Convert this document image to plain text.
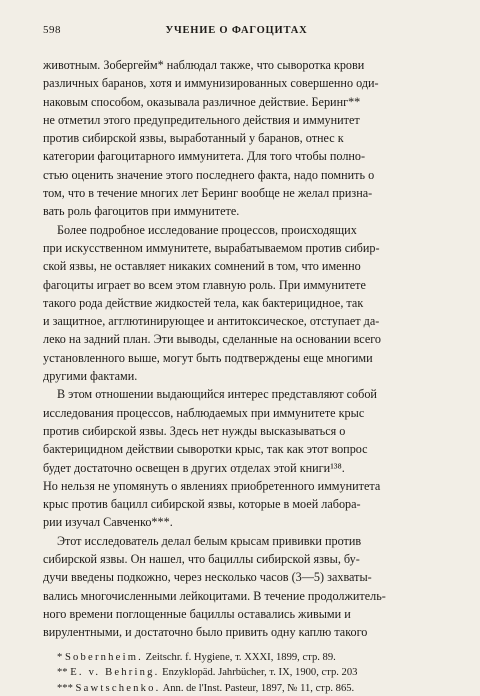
598	УЧЕНИЕ О ФАГОЦИТАХ

животным. Зобергейм* наблюдал также, что сыворотка крови
различных баранов, хотя и иммунизированных совершенно оди-
наковым способом, оказывала различное действие. Беринг**
не отметил этого предупредительного действия и иммунитет
против сибирской язвы, выработанный у баранов, отнес к
категории фагоцитарного иммунитета. Для того чтобы полно-
стью оценить значение этого последнего факта, надо помнить о
том, что в течение многих лет Беринг вообще не желал призна-
вать роль фагоцитов при иммунитете.

Более подробное исследование процессов, происходящих
при искусственном иммунитете, вырабатываемом против сибир-
ской язвы, не оставляет никаких сомнений в том, что именно
фагоциты играет во всем этом главную роль. При иммунитете
такого рода действие жидкостей тела, как бактерицидное, так
и защитное, агглютинирующее и антитоксическое, отступает да-
леко на задний план. Эти выводы, сделанные на основании всего
установленного выше, могут быть подтверждены еще многими
другими фактами.

В этом отношении выдающийся интерес представляют собой
исследования процессов, наблюдаемых при иммунитете крыс
против сибирской язвы. Здесь нет нужды высказываться о
бактерицидном действии сыворотки крыс, так как этот вопрос
будет достаточно освещен в других отделах этой книги¹³⁸.
Но нельзя не упомянуть о явлениях приобретенного иммунитета
крыс против бацилл сибирской язвы, которые в моей лабора-
рии изучал Савченко***.

Этот исследователь делал белым крысам прививки против
сибирской язвы. Он нашел, что бациллы сибирской язвы, бу-
дучи введены подкожно, через несколько часов (3—5) захваты-
вались многочисленными лейкоцитами. В течение продолжитель-
ного времени поглощенные бациллы оставались живыми и
вирулентными, и достаточно было привить одну каплю такого

* Sobernheim. Zeitschr. f. Hygiene, т. XXXI, 1899, стр. 89.
** E. v. Behring. Enzyklopäd. Jahrbücher, т. IX, 1900, стр. 203
*** Sawtschenko. Ann. de l'Inst. Pasteur, 1897, № 11, стр. 865.
